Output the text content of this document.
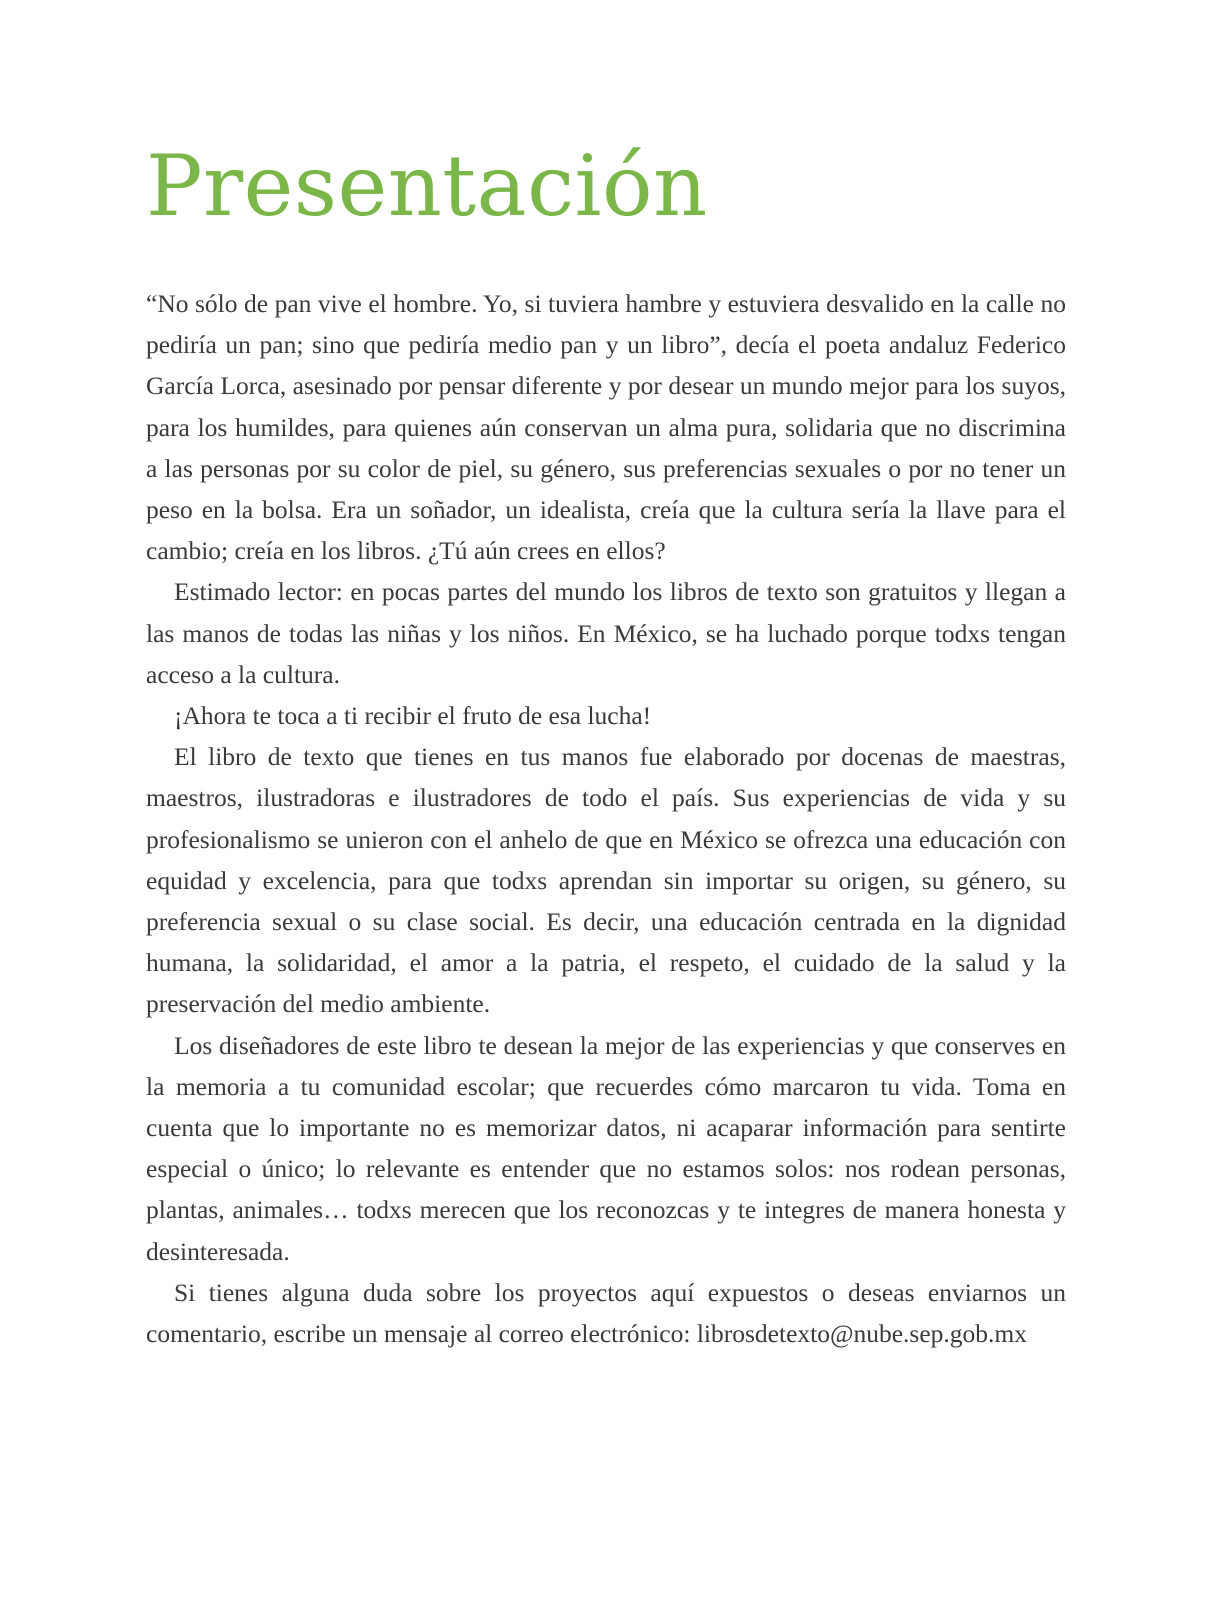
Presentación

“No sólo de pan vive el hombre. Yo, si tuviera hambre y estuviera desvalido en la calle no pediría un pan; sino que pediría medio pan y un libro”, decía el poeta andaluz Federico García Lorca, asesinado por pensar diferente y por desear un mundo mejor para los suyos, para los humildes, para quienes aún conservan un alma pura, solidaria que no discrimina a las personas por su color de piel, su género, sus preferencias sexuales o por no tener un peso en la bolsa. Era un soñador, un idealista, creía que la cultura sería la llave para el cambio; creía en los libros. ¿Tú aún crees en ellos?

Estimado lector: en pocas partes del mundo los libros de texto son gratuitos y llegan a las manos de todas las niñas y los niños. En México, se ha luchado porque todxs tengan acceso a la cultura.

¡Ahora te toca a ti recibir el fruto de esa lucha!

El libro de texto que tienes en tus manos fue elaborado por docenas de maestras, maestros, ilustradoras e ilustradores de todo el país. Sus experiencias de vida y su profesionalismo se unieron con el anhelo de que en México se ofrezca una educación con equidad y excelencia, para que todxs aprendan sin importar su origen, su género, su preferencia sexual o su clase social. Es decir, una educación centrada en la dignidad humana, la solidaridad, el amor a la patria, el respeto, el cuidado de la salud y la preservación del medio ambiente.

Los diseñadores de este libro te desean la mejor de las experiencias y que conserves en la memoria a tu comunidad escolar; que recuerdes cómo marcaron tu vida. Toma en cuenta que lo importante no es memorizar datos, ni acaparar información para sentirte especial o único; lo relevante es entender que no estamos solos: nos rodean personas, plantas, animales… todxs merecen que los reconozcas y te integres de manera honesta y desinteresada.

Si tienes alguna duda sobre los proyectos aquí expuestos o deseas enviarnos un comentario, escribe un mensaje al correo electrónico: librosdetexto@nube.sep.gob.mx
